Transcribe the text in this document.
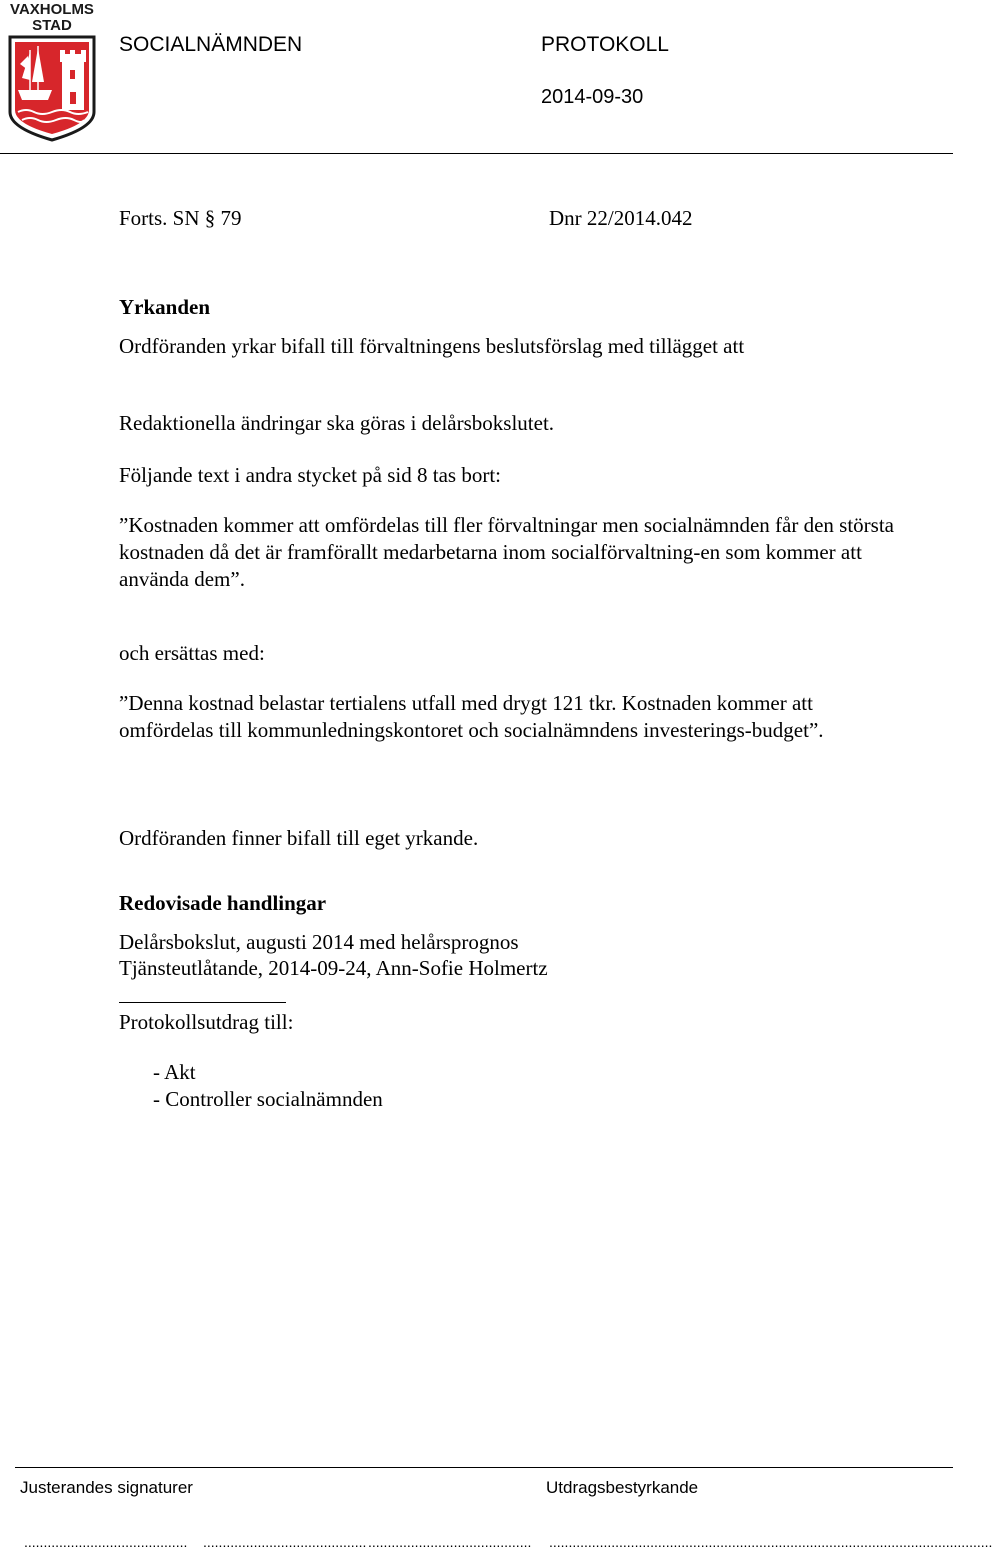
VAXHOLMS
STAD
SOCIALNÄMNDEN	PROTOKOLL
2014-09-30
Forts. SN § 79	Dnr 22/2014.042
Yrkanden
Ordföranden yrkar bifall till förvaltningens beslutsförslag med tillägget att
Redaktionella ändringar ska göras i delårsbokslutet.
Följande text i andra stycket på sid 8 tas bort:
”Kostnaden kommer att omfördelas till fler förvaltningar men socialnämnden får den största kostnaden då det är framförallt medarbetarna inom socialförvaltning-en som kommer att använda dem”.
och ersättas med:
”Denna kostnad belastar tertialens utfall med drygt 121 tkr. Kostnaden kommer att omfördelas till kommunledningskontoret och socialnämndens investerings-budget”.
Ordföranden finner bifall till eget yrkande.
Redovisade handlingar
Delårsbokslut, augusti 2014 med helårsprognos
Tjänsteutlåtande, 2014-09-24, Ann-Sofie Holmertz
Protokollsutdrag till:
- Akt
- Controller socialnämnden
Justerandes signaturer	Utdragsbestyrkande
.......................................... .......................................... .......................................... ..................................................................................................................
